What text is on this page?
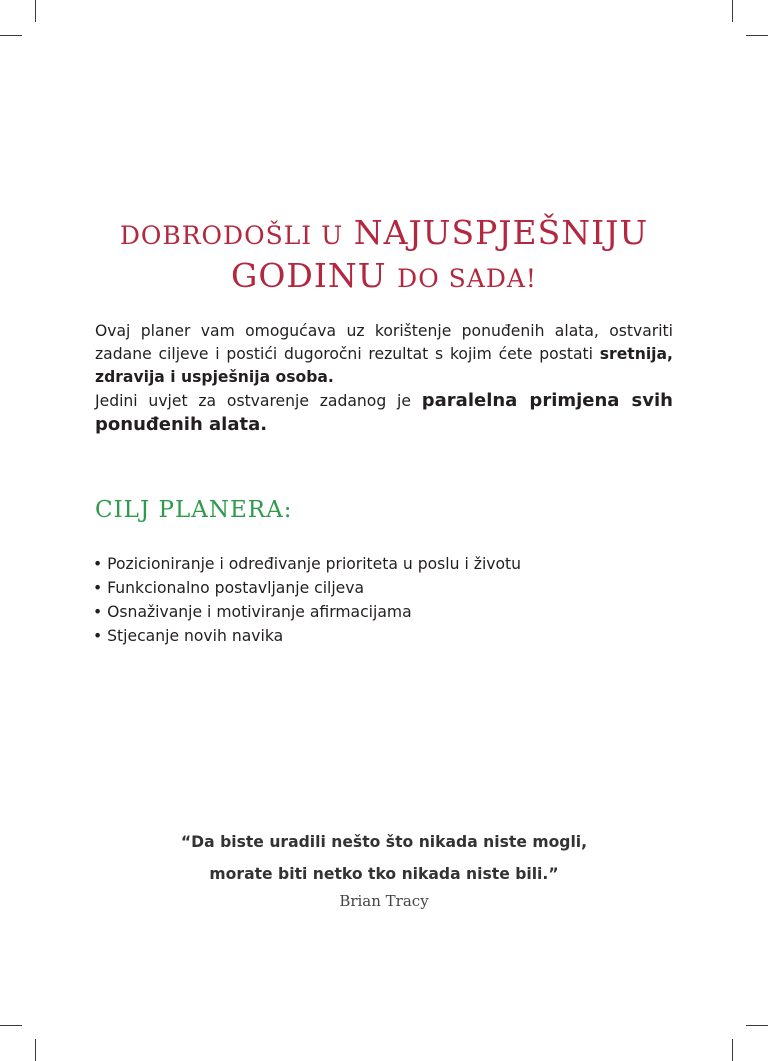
DOBRODOŠLI U NAJUSPJEŠNIJU
GODINU DO SADA!

Ovaj planer vam omogućava uz korištenje ponuđenih alata, ostvariti zadane ciljeve i postići dugoročni rezultat s kojim ćete postati sretnija, zdravija i uspješnija osoba.

Jedini uvjet za ostvarenje zadanog je paralelna primjena svih ponuđenih alata.

CILJ PLANERA:
• Pozicioniranje i određivanje prioriteta u poslu i životu
• Funkcionalno postavljanje ciljeva
• Osnaživanje i motiviranje afirmacijama
• Stjecanje novih navika
“Da biste uradili nešto što nikada niste mogli,
morate biti netko tko nikada niste bili.”
Brian Tracy
